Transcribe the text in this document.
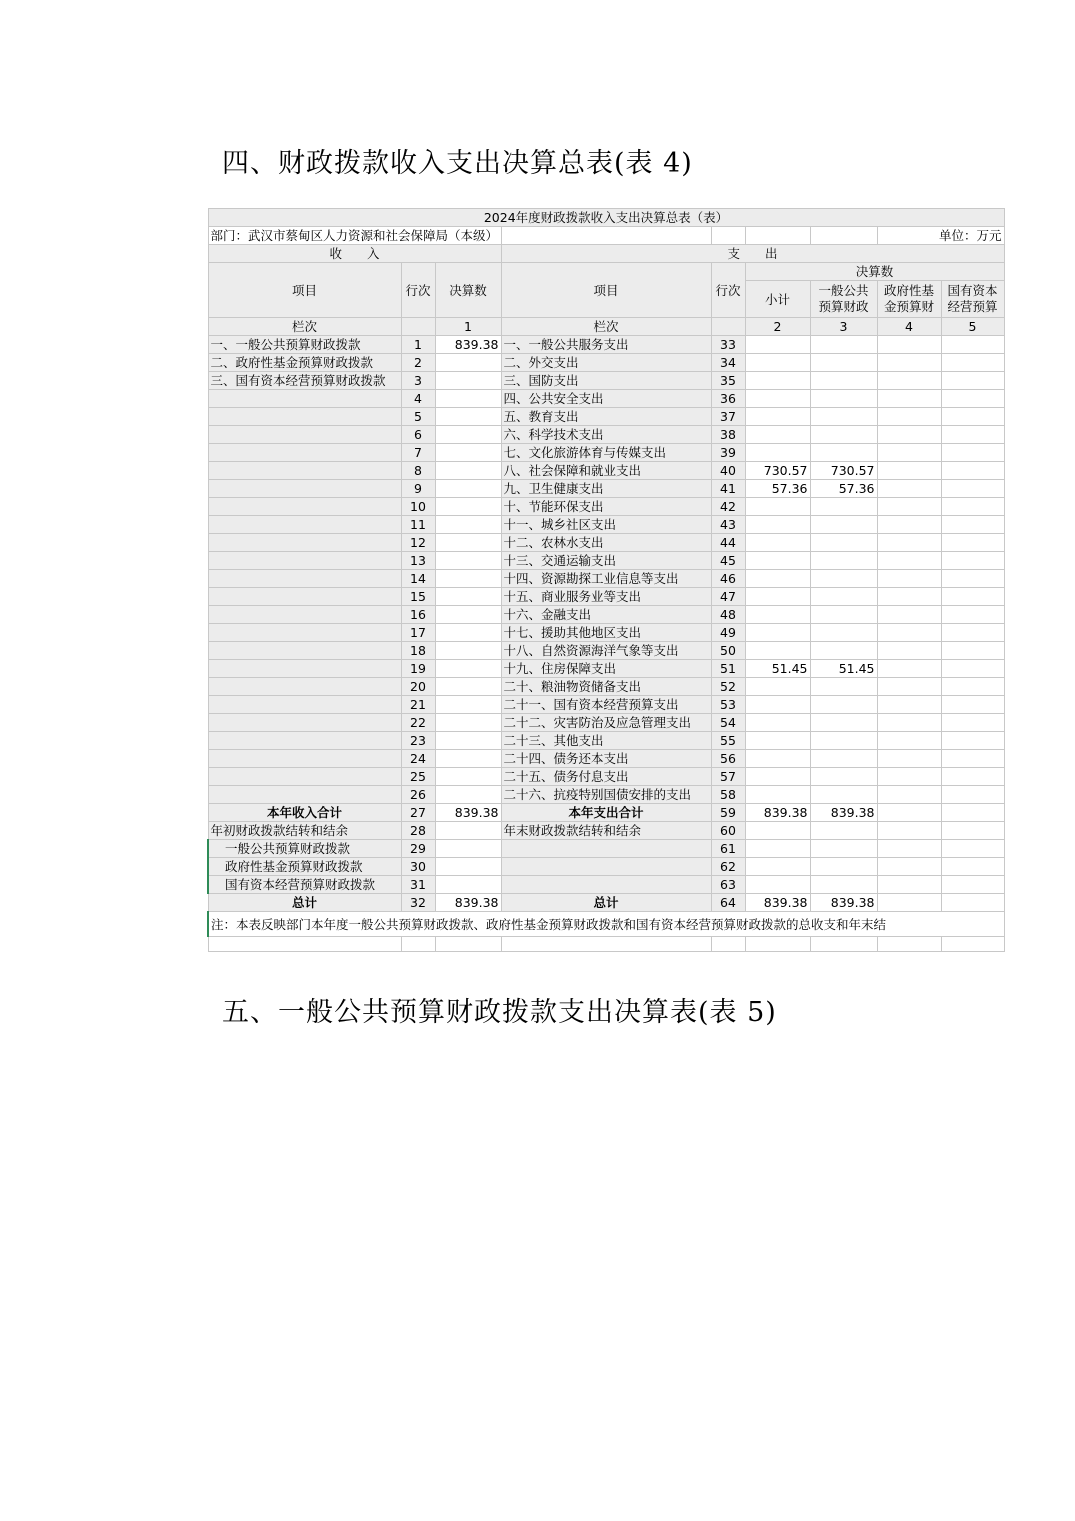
四、财政拨款收入支出决算总表(表 4)
2024年度财政拨款收入支出决算总表（表）								
部门：武汉市蔡甸区人力资源和社会保障局（本级）							单位：万元	
收　　入			支　　出					
项目	行次	决算数	项目	行次	决算数			
					小计	一般公共预算财政	政府性基金预算财	国有资本经营预算
栏次		1	栏次		2	3	4	5
一、一般公共预算财政拨款	1	839.38	一、一般公共服务支出	33				
二、政府性基金预算财政拨款	2		二、外交支出	34				
三、国有资本经营预算财政拨款	3		三、国防支出	35				
	4		四、公共安全支出	36				
	5		五、教育支出	37				
	6		六、科学技术支出	38				
	7		七、文化旅游体育与传媒支出	39				
	8		八、社会保障和就业支出	40	730.57	730.57		
	9		九、卫生健康支出	41	57.36	57.36		
	10		十、节能环保支出	42				
	11		十一、城乡社区支出	43				
	12		十二、农林水支出	44				
	13		十三、交通运输支出	45				
	14		十四、资源勘探工业信息等支出	46				
	15		十五、商业服务业等支出	47				
	16		十六、金融支出	48				
	17		十七、援助其他地区支出	49				
	18		十八、自然资源海洋气象等支出	50				
	19		十九、住房保障支出	51	51.45	51.45		
	20		二十、粮油物资储备支出	52				
	21		二十一、国有资本经营预算支出	53				
	22		二十二、灾害防治及应急管理支出	54				
	23		二十三、其他支出	55				
	24		二十四、债务还本支出	56				
	25		二十五、债务付息支出	57				
	26		二十六、抗疫特别国债安排的支出	58				
本年收入合计	27	839.38	本年支出合计	59	839.38	839.38		
年初财政拨款结转和结余	28		年末财政拨款结转和结余	60				
一般公共预算财政拨款	29			61				
政府性基金预算财政拨款	30			62				
国有资本经营预算财政拨款	31			63				
总计	32	839.38	总计	64	839.38	839.38		
注：本表反映部门本年度一般公共预算财政拨款、政府性基金预算财政拨款和国有资本经营预算财政拨款的总收支和年末结								

五、一般公共预算财政拨款支出决算表(表 5)
